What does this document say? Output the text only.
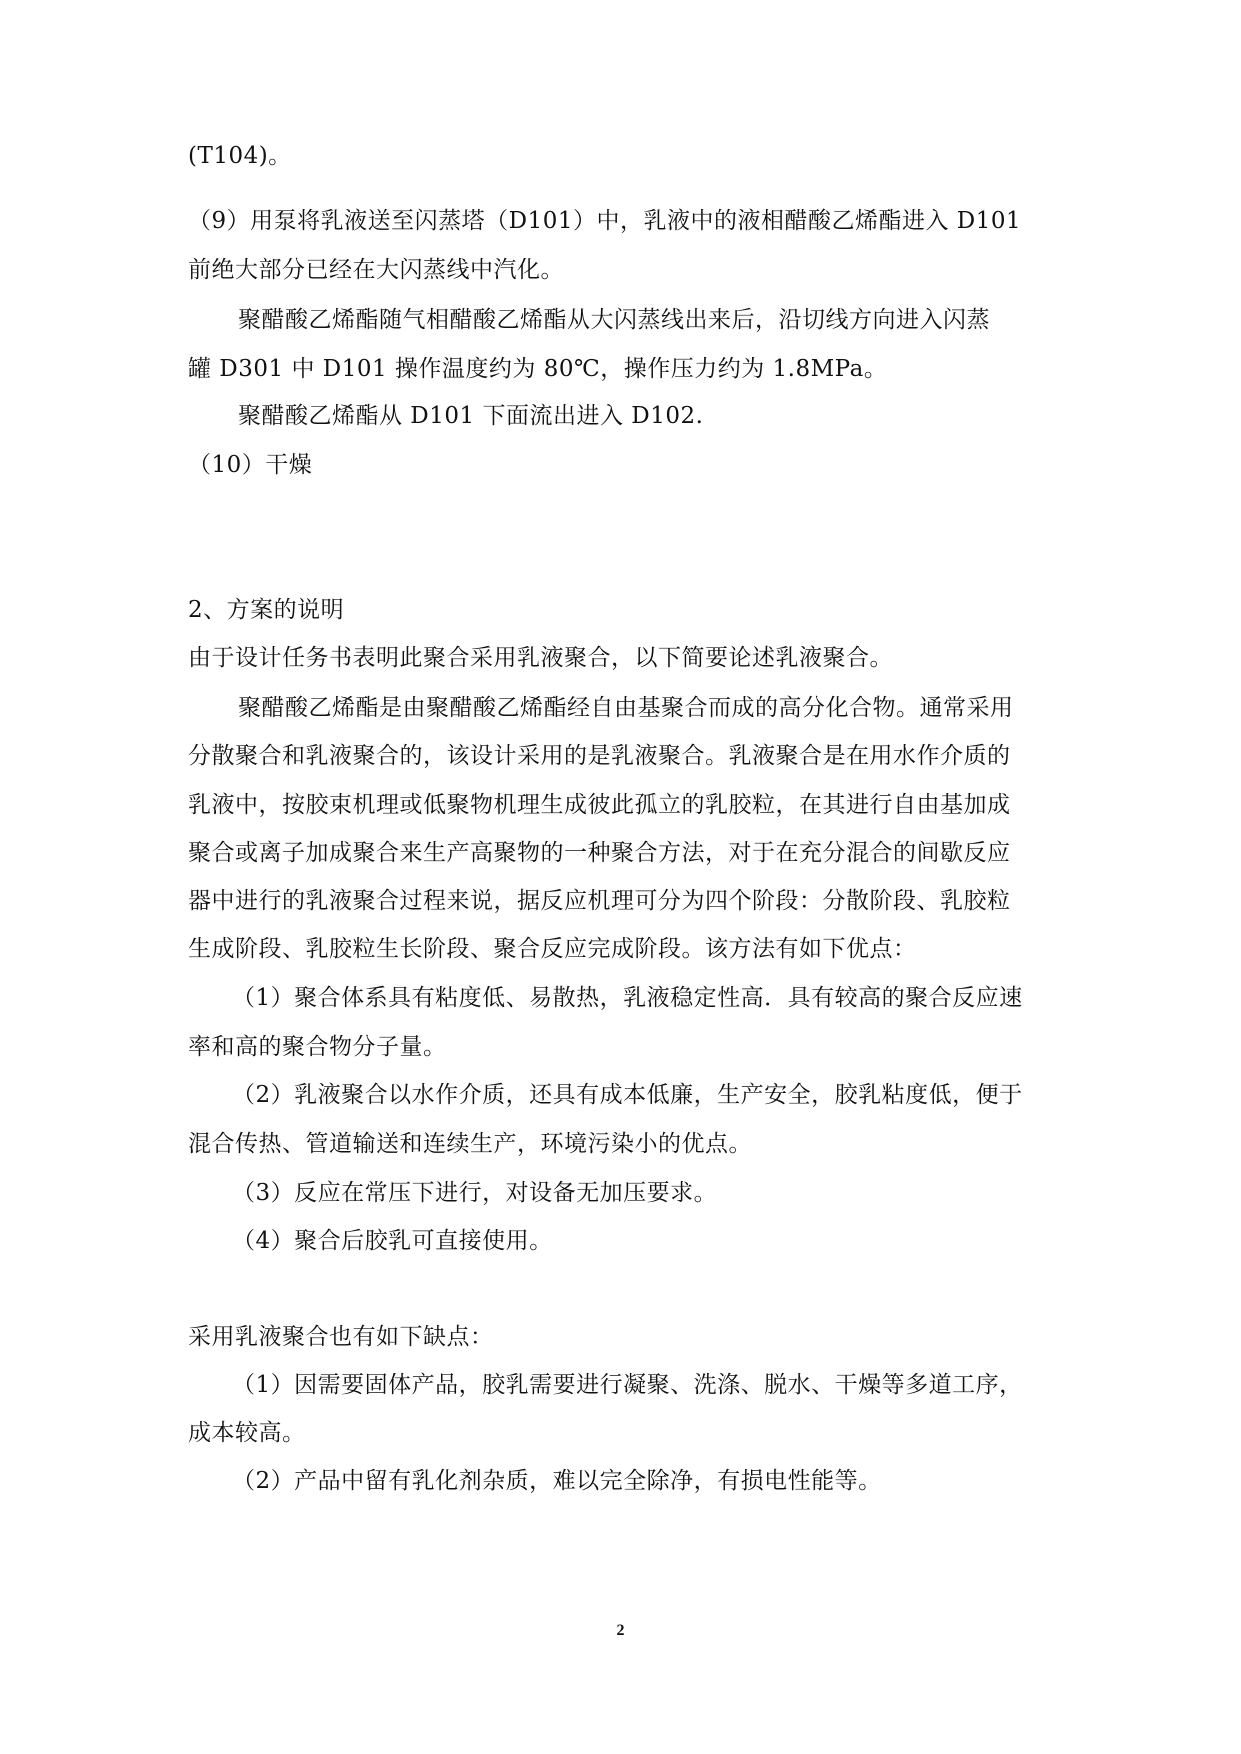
(T104)。
（9）用泵将乳液送至闪蒸塔（D101）中，乳液中的液相醋酸乙烯酯进入 D101
前绝大部分已经在大闪蒸线中汽化。
聚醋酸乙烯酯随气相醋酸乙烯酯从大闪蒸线出来后，沿切线方向进入闪蒸
罐 D301 中 D101 操作温度约为 80℃，操作压力约为 1.8MPa。
聚醋酸乙烯酯从 D101 下面流出进入 D102.
（10）干燥
2、方案的说明
由于设计任务书表明此聚合采用乳液聚合，以下简要论述乳液聚合。
聚醋酸乙烯酯是由聚醋酸乙烯酯经自由基聚合而成的高分化合物。通常采用
分散聚合和乳液聚合的，该设计采用的是乳液聚合。乳液聚合是在用水作介质的
乳液中，按胶束机理或低聚物机理生成彼此孤立的乳胶粒，在其进行自由基加成
聚合或离子加成聚合来生产高聚物的一种聚合方法，对于在充分混合的间歇反应
器中进行的乳液聚合过程来说，据反应机理可分为四个阶段：分散阶段、乳胶粒
生成阶段、乳胶粒生长阶段、聚合反应完成阶段。该方法有如下优点：
（1）聚合体系具有粘度低、易散热，乳液稳定性高．具有较高的聚合反应速
率和高的聚合物分子量。
（2）乳液聚合以水作介质，还具有成本低廉，生产安全，胶乳粘度低，便于
混合传热、管道输送和连续生产，环境污染小的优点。
（3）反应在常压下进行，对设备无加压要求。
（4）聚合后胶乳可直接使用。
采用乳液聚合也有如下缺点：
（1）因需要固体产品，胶乳需要进行凝聚、洗涤、脱水、干燥等多道工序，
成本较高。
（2）产品中留有乳化剂杂质，难以完全除净，有损电性能等。
2
